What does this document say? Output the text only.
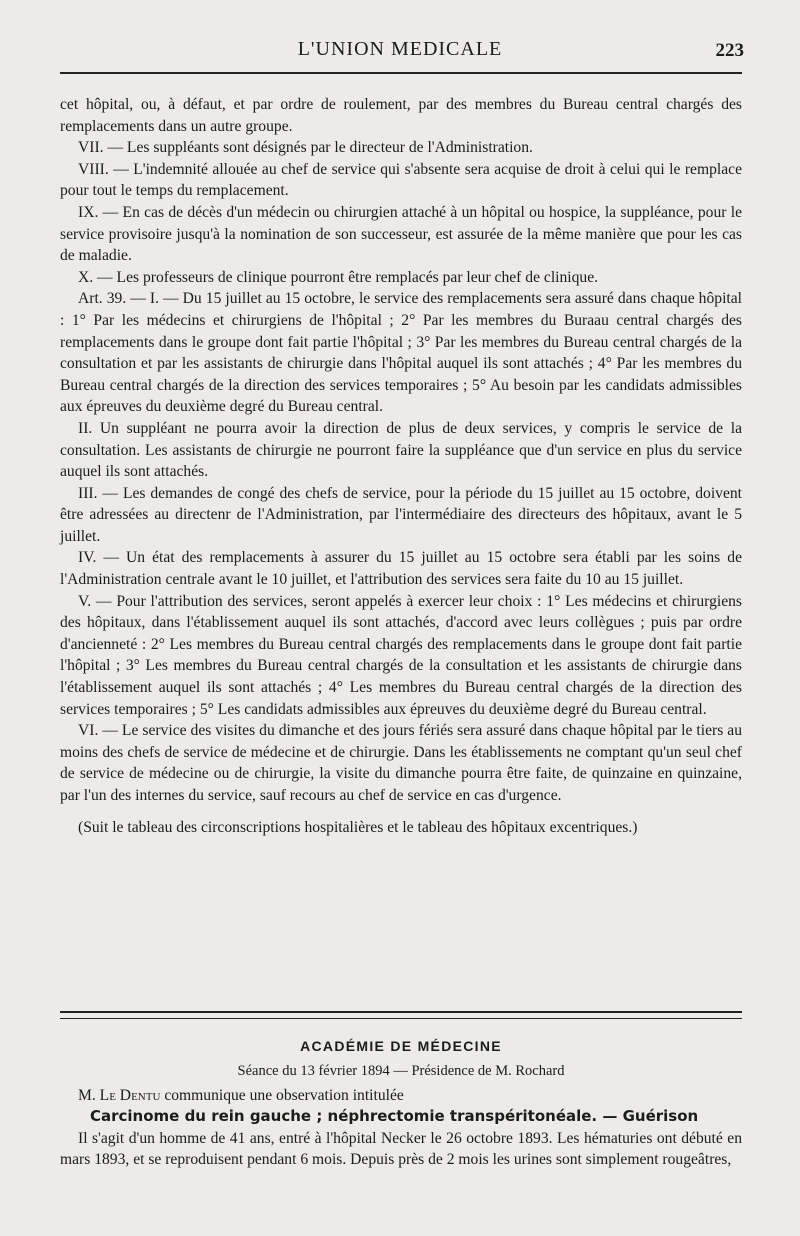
L'UNION MEDICALE	223

cet hôpital, ou, à défaut, et par ordre de roulement, par des membres du Bureau central chargés des remplacements dans un autre groupe.

VII. — Les suppléants sont désignés par le directeur de l'Administration.

VIII. — L'indemnité allouée au chef de service qui s'absente sera acquise de droit à celui qui le remplace pour tout le temps du remplacement.

IX. — En cas de décès d'un médecin ou chirurgien attaché à un hôpital ou hospice, la suppléance, pour le service provisoire jusqu'à la nomination de son successeur, est assurée de la même manière que pour les cas de maladie.

X. — Les professeurs de clinique pourront être remplacés par leur chef de clinique.

Art. 39. — I. — Du 15 juillet au 15 octobre, le service des remplacements sera assuré dans chaque hôpital : 1° Par les médecins et chirurgiens de l'hôpital ; 2° Par les membres du Buraau central chargés des remplacements dans le groupe dont fait partie l'hôpital ; 3° Par les membres du Bureau central chargés de la consultation et par les assistants de chirurgie dans l'hôpital auquel ils sont attachés ; 4° Par les membres du Bureau central chargés de la direction des services temporaires ; 5° Au besoin par les candidats admissibles aux épreuves du deuxième degré du Bureau central.

II. Un suppléant ne pourra avoir la direction de plus de deux services, y compris le service de la consultation. Les assistants de chirurgie ne pourront faire la suppléance que d'un service en plus du service auquel ils sont attachés.

III. — Les demandes de congé des chefs de service, pour la période du 15 juillet au 15 octobre, doivent être adressées au directenr de l'Administration, par l'intermédiaire des directeurs des hôpitaux, avant le 5 juillet.

IV. — Un état des remplacements à assurer du 15 juillet au 15 octobre sera établi par les soins de l'Administration centrale avant le 10 juillet, et l'attribution des services sera faite du 10 au 15 juillet.

V. — Pour l'attribution des services, seront appelés à exercer leur choix : 1° Les médecins et chirurgiens des hôpitaux, dans l'établissement auquel ils sont attachés, d'accord avec leurs collègues ; puis par ordre d'ancienneté : 2° Les membres du Bureau central chargés des remplacements dans le groupe dont fait partie l'hôpital ; 3° Les membres du Bureau central chargés de la consultation et les assistants de chirurgie dans l'établissement auquel ils sont attachés ; 4° Les membres du Bureau central chargés de la direction des services temporaires ; 5° Les candidats admissibles aux épreuves du deuxième degré du Bureau central.

VI. — Le service des visites du dimanche et des jours fériés sera assuré dans chaque hôpital par le tiers au moins des chefs de service de médecine et de chirurgie. Dans les établissements ne comptant qu'un seul chef de service de médecine ou de chirurgie, la visite du dimanche pourra être faite, de quinzaine en quinzaine, par l'un des internes du service, sauf recours au chef de service en cas d'urgence.

(Suit le tableau des circonscriptions hospitalières et le tableau des hôpitaux excentriques.)

ACADÉMIE DE MÉDECINE
Séance du 13 février 1894 — Présidence de M. Rochard

M. Le Dentu communique une observation intitulée

Carcinome du rein gauche ; néphrectomie transpéritonéale. — Guérison

Il s'agit d'un homme de 41 ans, entré à l'hôpital Necker le 26 octobre 1893. Les hématuries ont débuté en mars 1893, et se reproduisent pendant 6 mois. Depuis près de 2 mois les urines sont simplement rougeâtres,
